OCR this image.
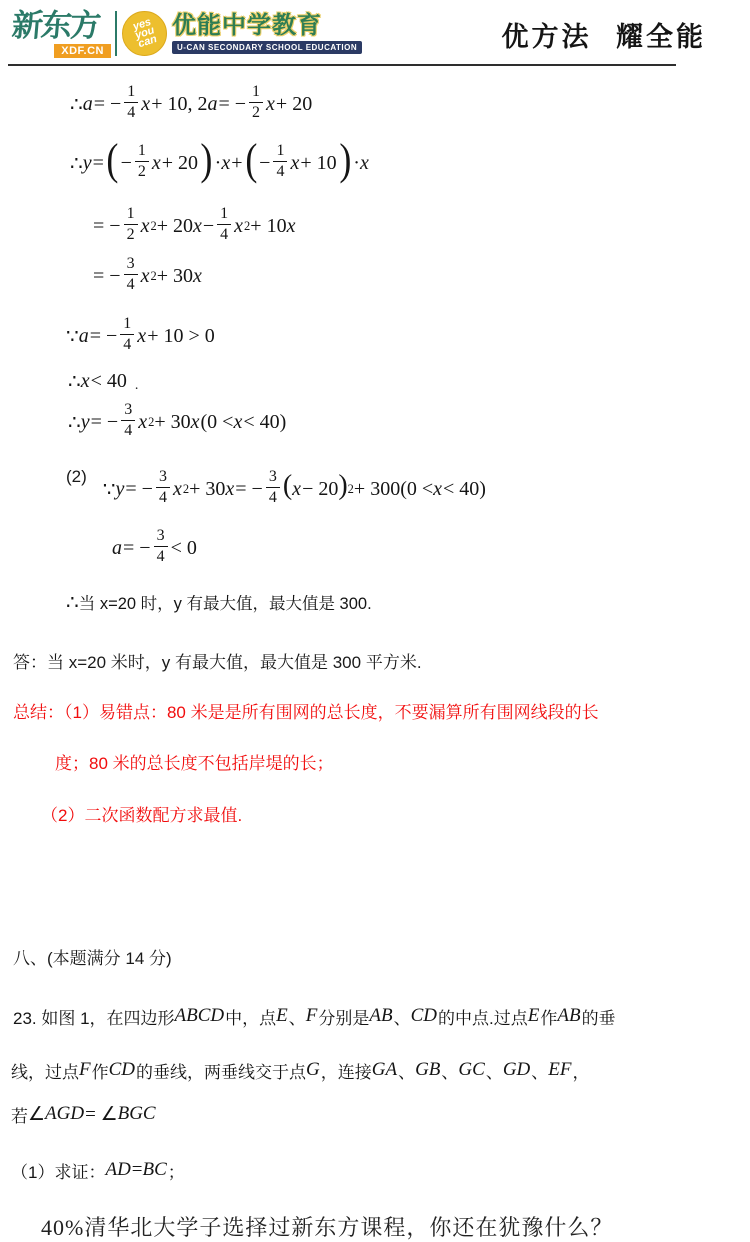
新东方
XDF.CN
yes you can
优能中学教育
U-CAN SECONDARY SCHOOL EDUCATION	优方法 耀全能
∴ a = − $\frac{1}{4}$ x + 10, 2 a = − $\frac{1}{2}$ x + 20
∴ y = ( − $\frac{1}{2}$ x + 20 ) · x + ( − $\frac{1}{4}$ x + 10 ) · x
= − $\frac{1}{2}$ x 2 + 20 $x - \frac{1}{4}$ x 2 + 10 x
= − $\frac{3}{4}$ x 2 + 30 x
∵ a = − $\frac{1}{4}$ x + 10 > 0
∴ x < 40 .
∴ y = − $\frac{3}{4}$ x 2 + 30 x (0 < x < 40)
(2)
∵ y = − $\frac{3}{4}$ x 2 + 30 x = − $\frac{3}{4}$ ( x − 20 ) 2 + 300(0 < x < 40)
a = − $\frac{3}{4} < 0$
∴ 当 x=20 时，y 有最大值，最大值是 300.

答：当 x=20 米时，y 有最大值，最大值是 300 平方米.

总结：（1）易错点：80 米是是所有围网的总长度，不要漏算所有围网线段的长

度；80 米的总长度不包括岸堤的长；

（2）二次函数配方求最值.

八、(本题满分 14 分)

23. 如图 1，在四边形 ABCD 中，点 E 、 F 分别是 AB 、 CD 的中点.过点 E 作 AB 的垂
线，过点 F 作 CD 的垂线，两垂线交于点 G ，连接 GA 、 GB 、 GC 、 GD 、 EF ，
若 ∠ AGD = ∠ BGC
（1）求证： AD = BC ；
40%清华北大学子选择过新东方课程，你还在犹豫什么？
